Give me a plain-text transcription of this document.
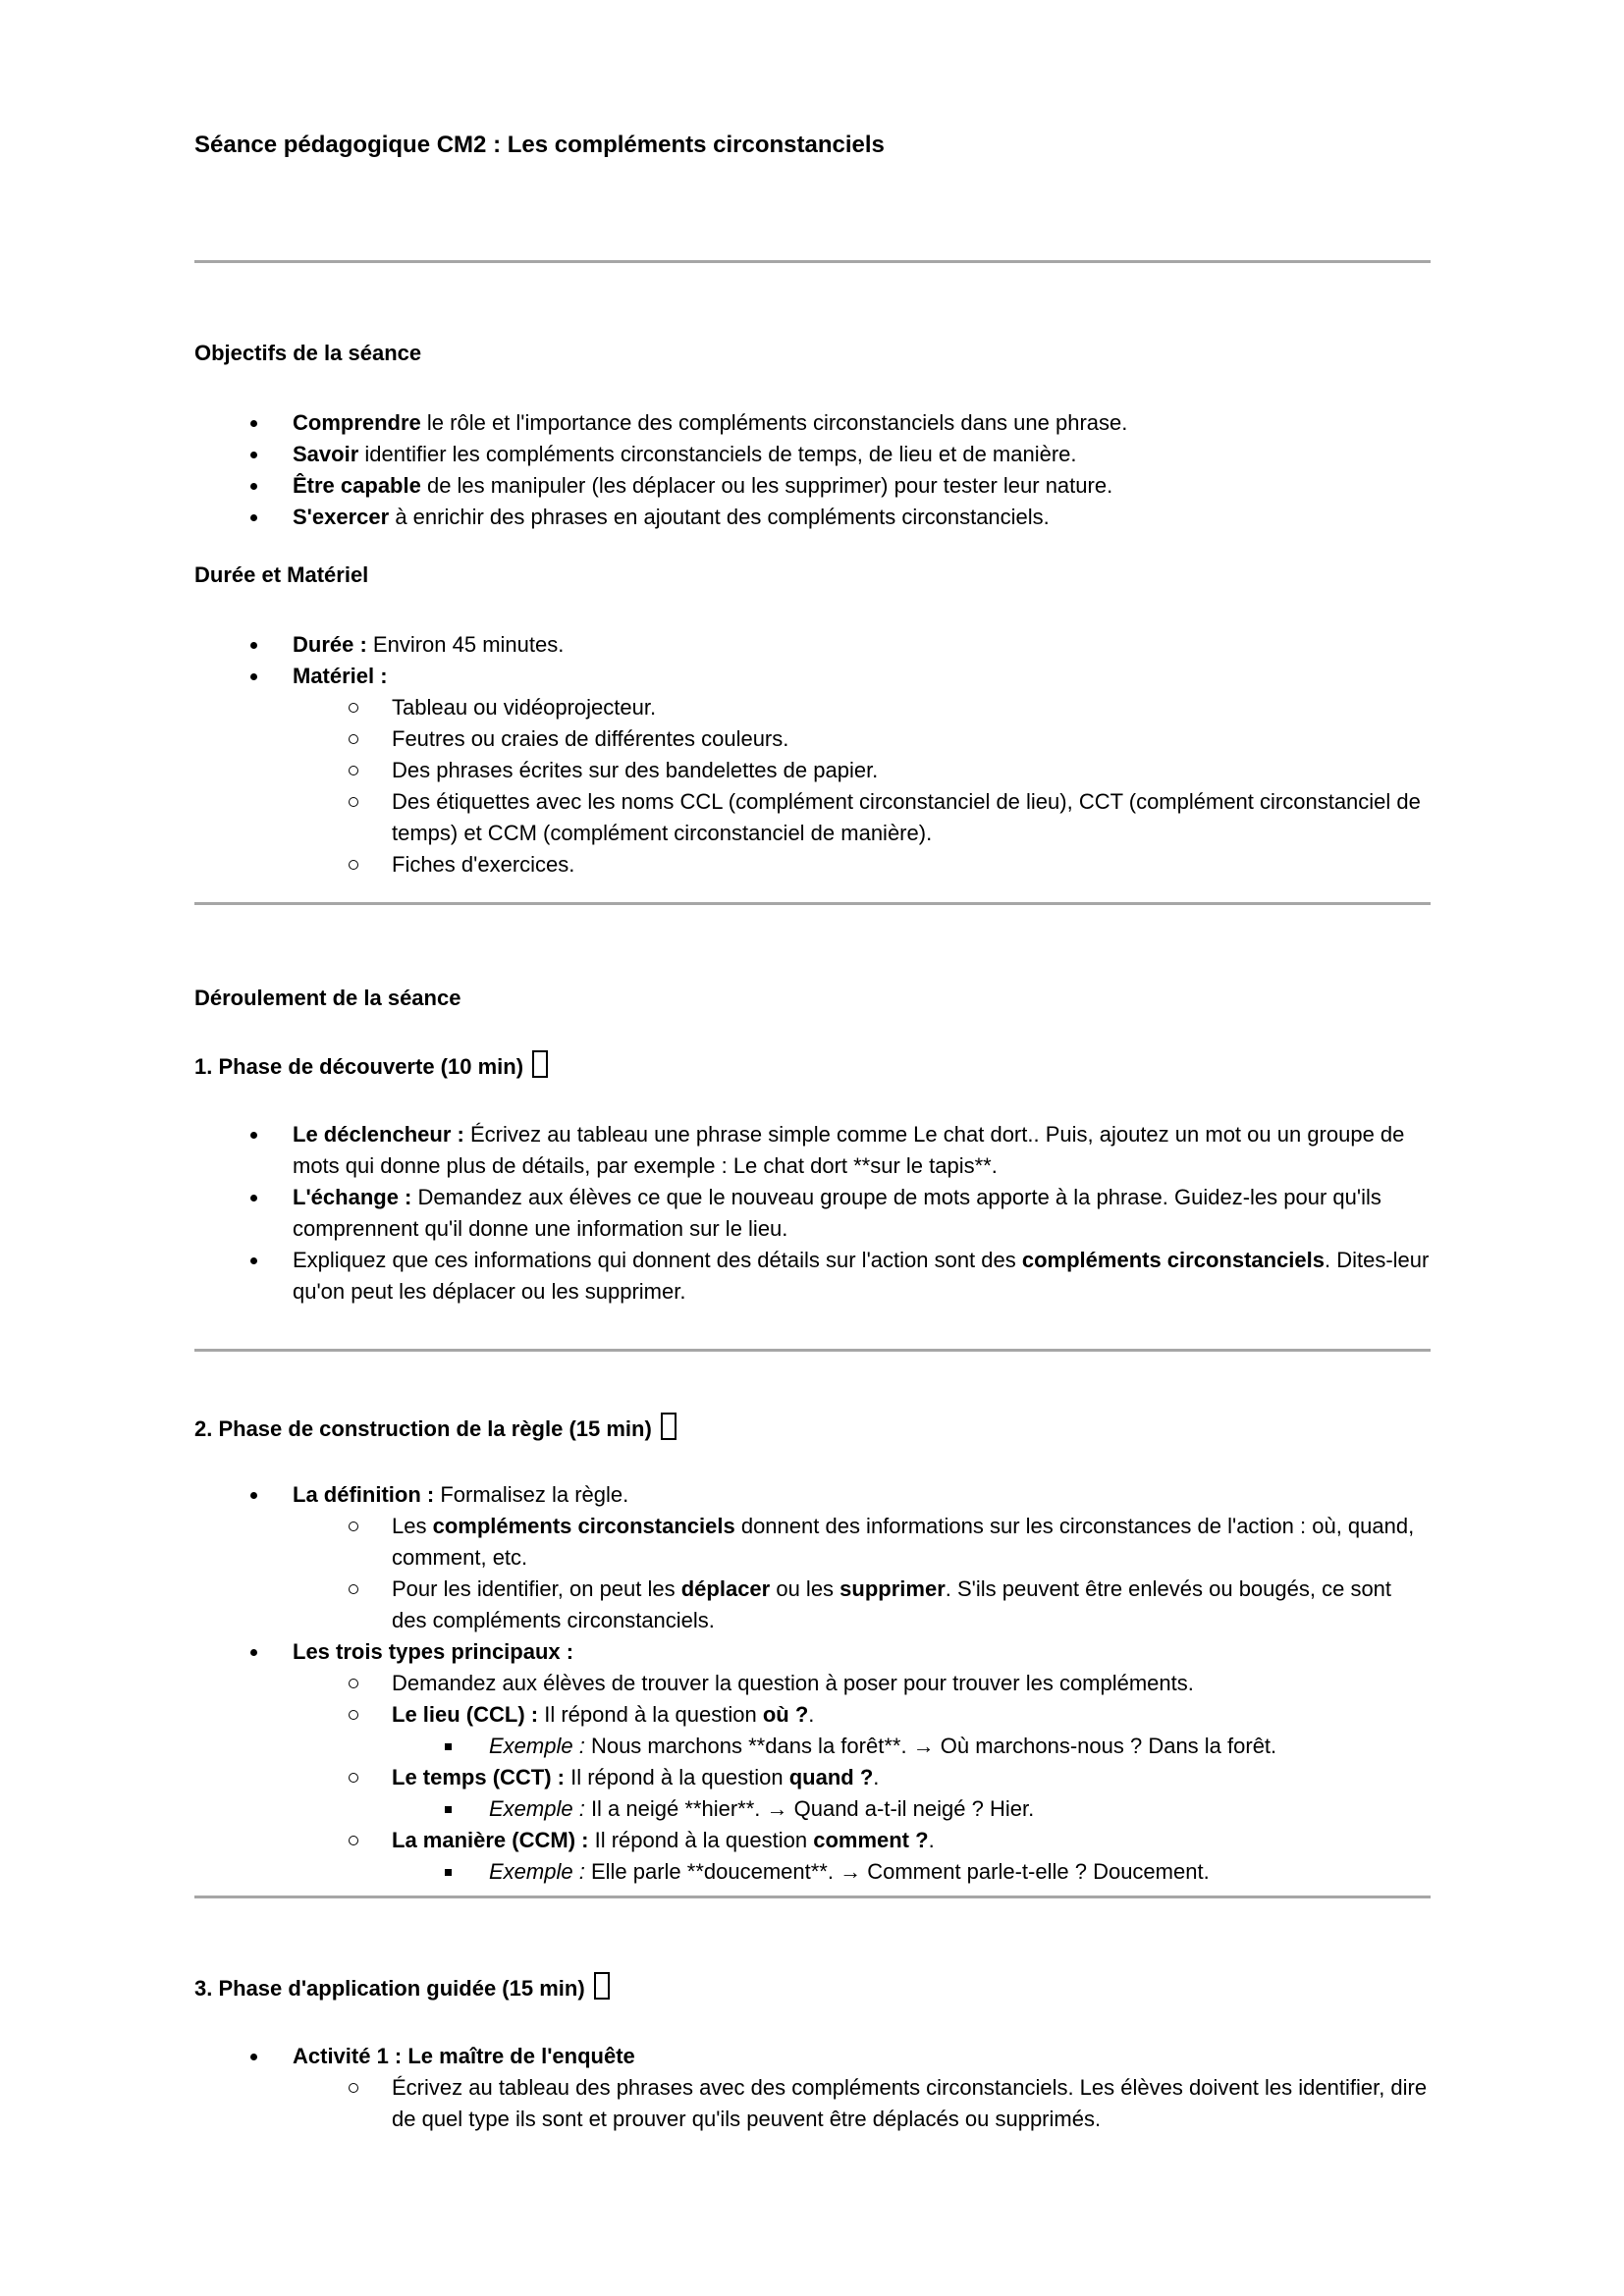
Séance pédagogique CM2 : Les compléments circonstanciels
Objectifs de la séance
Comprendre le rôle et l'importance des compléments circonstanciels dans une phrase.
Savoir identifier les compléments circonstanciels de temps, de lieu et de manière.
Être capable de les manipuler (les déplacer ou les supprimer) pour tester leur nature.
S'exercer à enrichir des phrases en ajoutant des compléments circonstanciels.
Durée et Matériel
Durée : Environ 45 minutes.
Matériel :
Tableau ou vidéoprojecteur.
Feutres ou craies de différentes couleurs.
Des phrases écrites sur des bandelettes de papier.
Des étiquettes avec les noms CCL (complément circonstanciel de lieu), CCT (complément circonstanciel de temps) et CCM (complément circonstanciel de manière).
Fiches d'exercices.
Déroulement de la séance
1. Phase de découverte (10 min)
Le déclencheur : Écrivez au tableau une phrase simple comme Le chat dort.. Puis, ajoutez un mot ou un groupe de mots qui donne plus de détails, par exemple : Le chat dort **sur le tapis**.
L'échange : Demandez aux élèves ce que le nouveau groupe de mots apporte à la phrase. Guidez-les pour qu'ils comprennent qu'il donne une information sur le lieu.
Expliquez que ces informations qui donnent des détails sur l'action sont des compléments circonstanciels. Dites-leur qu'on peut les déplacer ou les supprimer.
2. Phase de construction de la règle (15 min)
La définition : Formalisez la règle.
Les compléments circonstanciels donnent des informations sur les circonstances de l'action : où, quand, comment, etc.
Pour les identifier, on peut les déplacer ou les supprimer. S'ils peuvent être enlevés ou bougés, ce sont des compléments circonstanciels.
Les trois types principaux :
Demandez aux élèves de trouver la question à poser pour trouver les compléments.
Le lieu (CCL) : Il répond à la question où ?.
Exemple : Nous marchons **dans la forêt**. → Où marchons-nous ? Dans la forêt.
Le temps (CCT) : Il répond à la question quand ?.
Exemple : Il a neigé **hier**. → Quand a-t-il neigé ? Hier.
La manière (CCM) : Il répond à la question comment ?.
Exemple : Elle parle **doucement**. → Comment parle-t-elle ? Doucement.
3. Phase d'application guidée (15 min)
Activité 1 : Le maître de l'enquête
Écrivez au tableau des phrases avec des compléments circonstanciels. Les élèves doivent les identifier, dire de quel type ils sont et prouver qu'ils peuvent être déplacés ou supprimés.
